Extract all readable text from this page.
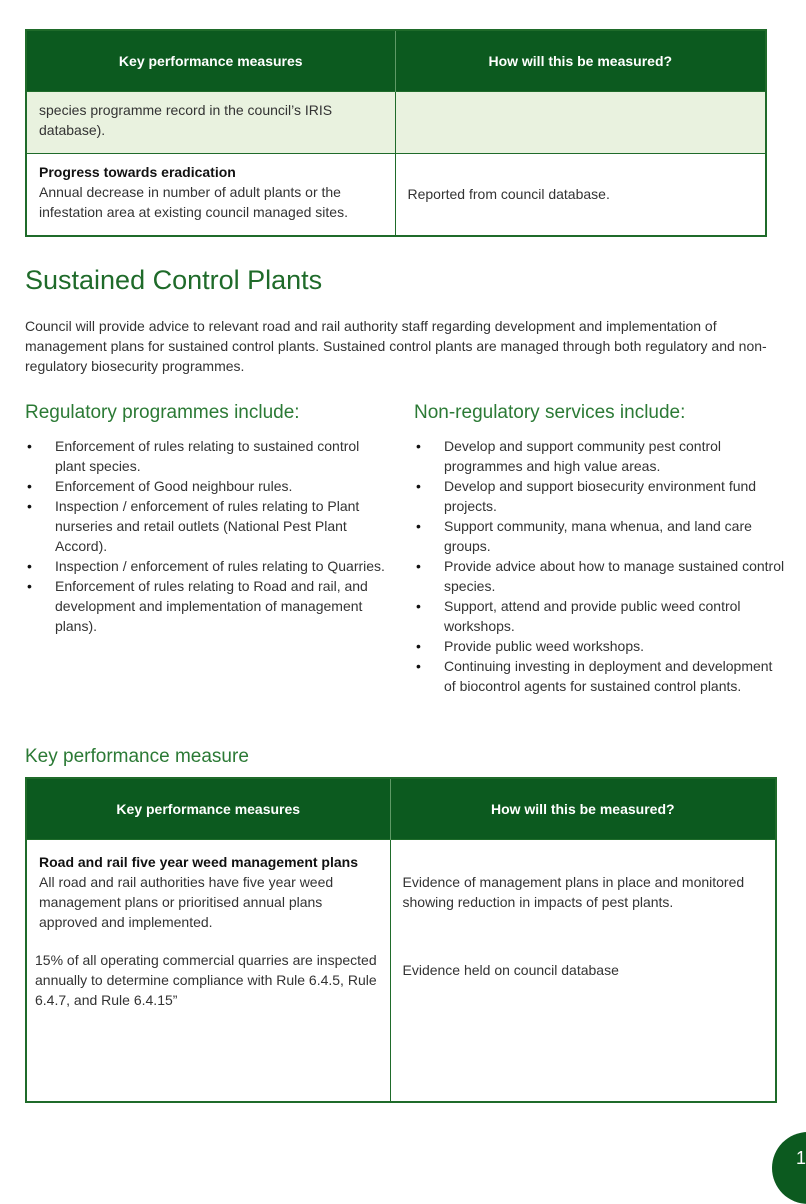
Key performance measures	How will this be measured?
species programme record in the council’s IRIS database).	

Progress towards eradication
Annual decrease in number of adult plants or the infestation area at existing council managed sites.	Reported from council database.
Sustained Control Plants

Council will provide advice to relevant road and rail authority staff regarding development and implementation of management plans for sustained control plants. Sustained control plants are managed through both regulatory and non-regulatory biosecurity programmes.

Regulatory programmes include:
• Enforcement of rules relating to sustained control plant species.
• Enforcement of Good neighbour rules.
• Inspection / enforcement of rules relating to Plant nurseries and retail outlets (National Pest Plant Accord).
• Inspection / enforcement of rules relating to Quarries.
• Enforcement of rules relating to Road and rail, and development and implementation of management plans).
Non-regulatory services include:
• Develop and support community pest control programmes and high value areas.
• Develop and support biosecurity environment fund projects.
• Support community, mana whenua, and land care groups.
• Provide advice about how to manage sustained control species.
• Support, attend and provide public weed control workshops.
• Provide public weed workshops.
• Continuing investing in deployment and development of biocontrol agents for sustained control plants.
Key performance measure
Key performance measures	How will this be measured?

Road and rail five year weed management plans
All road and rail authorities have five year weed management plans or prioritised annual plans approved and implemented.	Evidence of management plans in place and monitored showing reduction in impacts of pest plants.
15% of all operating commercial quarries are inspected annually to determine compliance with Rule 6.4.5, Rule 6.4.7, and Rule 6.4.15”	Evidence held on council database
1
